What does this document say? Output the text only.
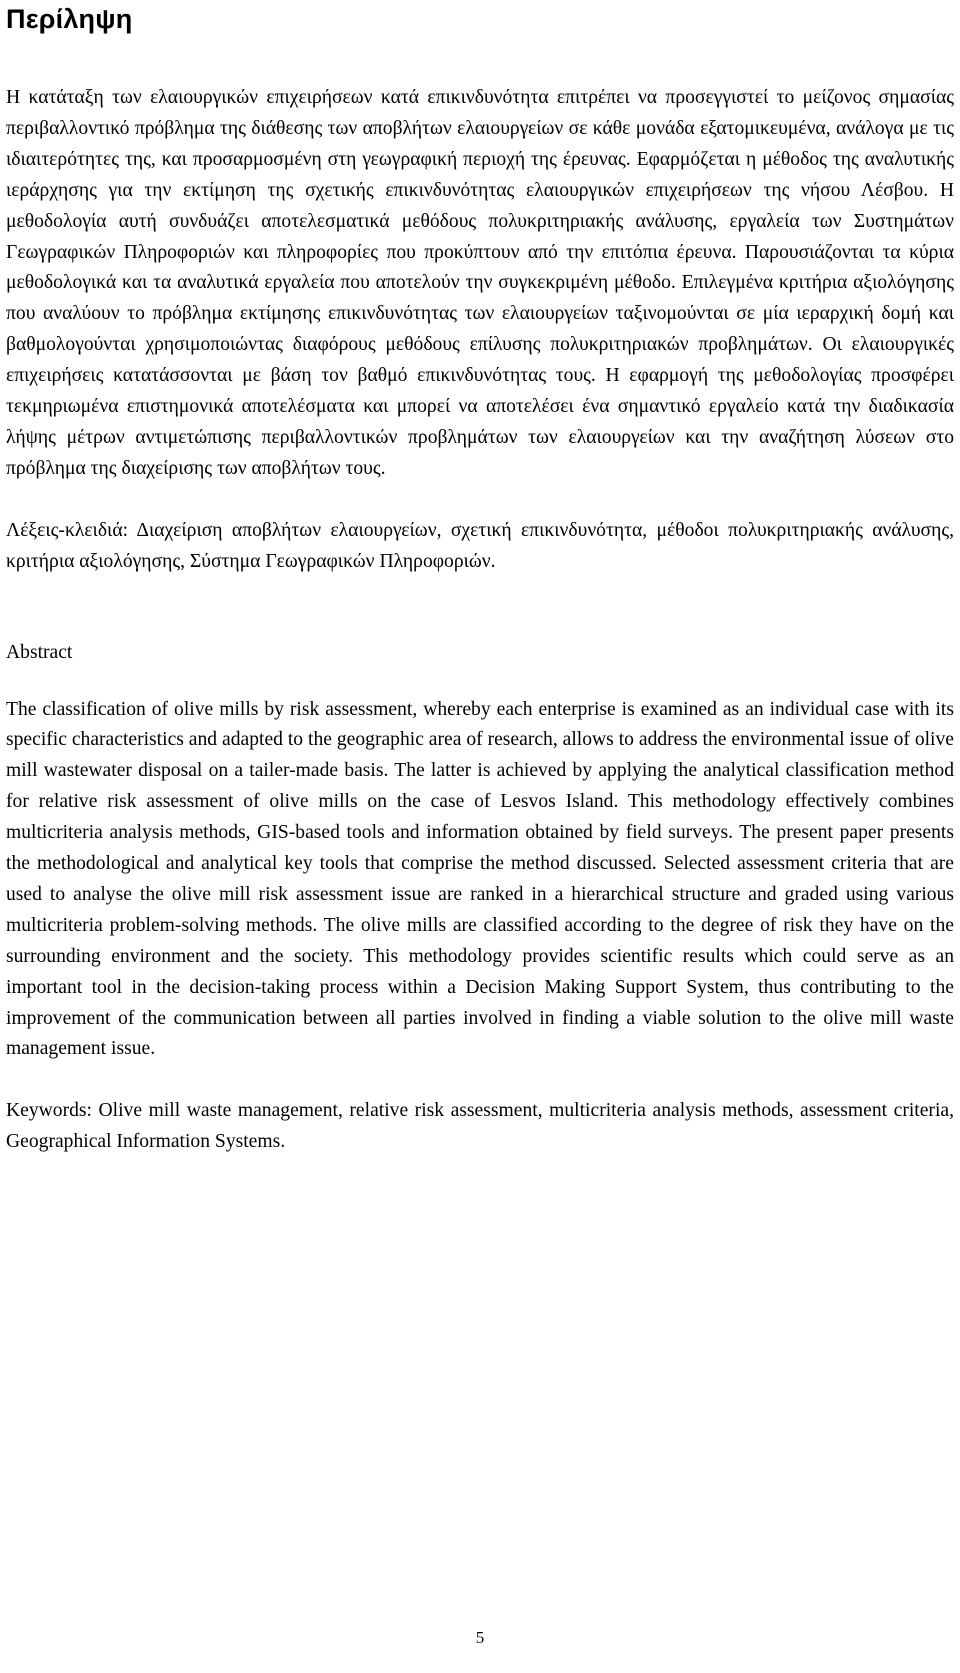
Περίληψη

Η κατάταξη των ελαιουργικών επιχειρήσεων κατά επικινδυνότητα επιτρέπει να προσεγγιστεί το μείζονος σημασίας περιβαλλοντικό πρόβλημα της διάθεσης των αποβλήτων ελαιουργείων σε κάθε μονάδα εξατομικευμένα, ανάλογα με τις ιδιαιτερότητες της, και προσαρμοσμένη στη γεωγραφική περιοχή της έρευνας. Εφαρμόζεται η μέθοδος της αναλυτικής ιεράρχησης για την εκτίμηση της σχετικής επικινδυνότητας ελαιουργικών επιχειρήσεων της νήσου Λέσβου. Η μεθοδολογία αυτή συνδυάζει αποτελεσματικά μεθόδους πολυκριτηριακής ανάλυσης, εργαλεία των Συστημάτων Γεωγραφικών Πληροφοριών και πληροφορίες που προκύπτουν από την επιτόπια έρευνα. Παρουσιάζονται τα κύρια μεθοδολογικά και τα αναλυτικά εργαλεία που αποτελούν την συγκεκριμένη μέθοδο. Επιλεγμένα κριτήρια αξιολόγησης που αναλύουν το πρόβλημα εκτίμησης επικινδυνότητας των ελαιουργείων ταξινομούνται σε μία ιεραρχική δομή και βαθμολογούνται χρησιμοποιώντας διαφόρους μεθόδους επίλυσης πολυκριτηριακών προβλημάτων. Οι ελαιουργικές επιχειρήσεις κατατάσσονται με βάση τον βαθμό επικινδυνότητας τους. Η εφαρμογή της μεθοδολογίας προσφέρει τεκμηριωμένα επιστημονικά αποτελέσματα και μπορεί να αποτελέσει ένα σημαντικό εργαλείο κατά την διαδικασία λήψης μέτρων αντιμετώπισης περιβαλλοντικών προβλημάτων των ελαιουργείων και την αναζήτηση λύσεων στο πρόβλημα της διαχείρισης των αποβλήτων τους.

Λέξεις-κλειδιά: Διαχείριση αποβλήτων ελαιουργείων, σχετική επικινδυνότητα, μέθοδοι πολυκριτηριακής ανάλυσης, κριτήρια αξιολόγησης, Σύστημα Γεωγραφικών Πληροφοριών.

Abstract

The classification of olive mills by risk assessment, whereby each enterprise is examined as an individual case with its specific characteristics and adapted to the geographic area of research, allows to address the environmental issue of olive mill wastewater disposal on a tailer-made basis. The latter is achieved by applying the analytical classification method for relative risk assessment of olive mills on the case of Lesvos Island. This methodology effectively combines multicriteria analysis methods, GIS-based tools and information obtained by field surveys. The present paper presents the methodological and analytical key tools that comprise the method discussed. Selected assessment criteria that are used to analyse the olive mill risk assessment issue are ranked in a hierarchical structure and graded using various multicriteria problem-solving methods. The olive mills are classified according to the degree of risk they have on the surrounding environment and the society. This methodology provides scientific results which could serve as an important tool in the decision-taking process within a Decision Making Support System, thus contributing to the improvement of the communication between all parties involved in finding a viable solution to the olive mill waste management issue.

Keywords: Olive mill waste management, relative risk assessment, multicriteria analysis methods, assessment criteria, Geographical Information Systems.

5
